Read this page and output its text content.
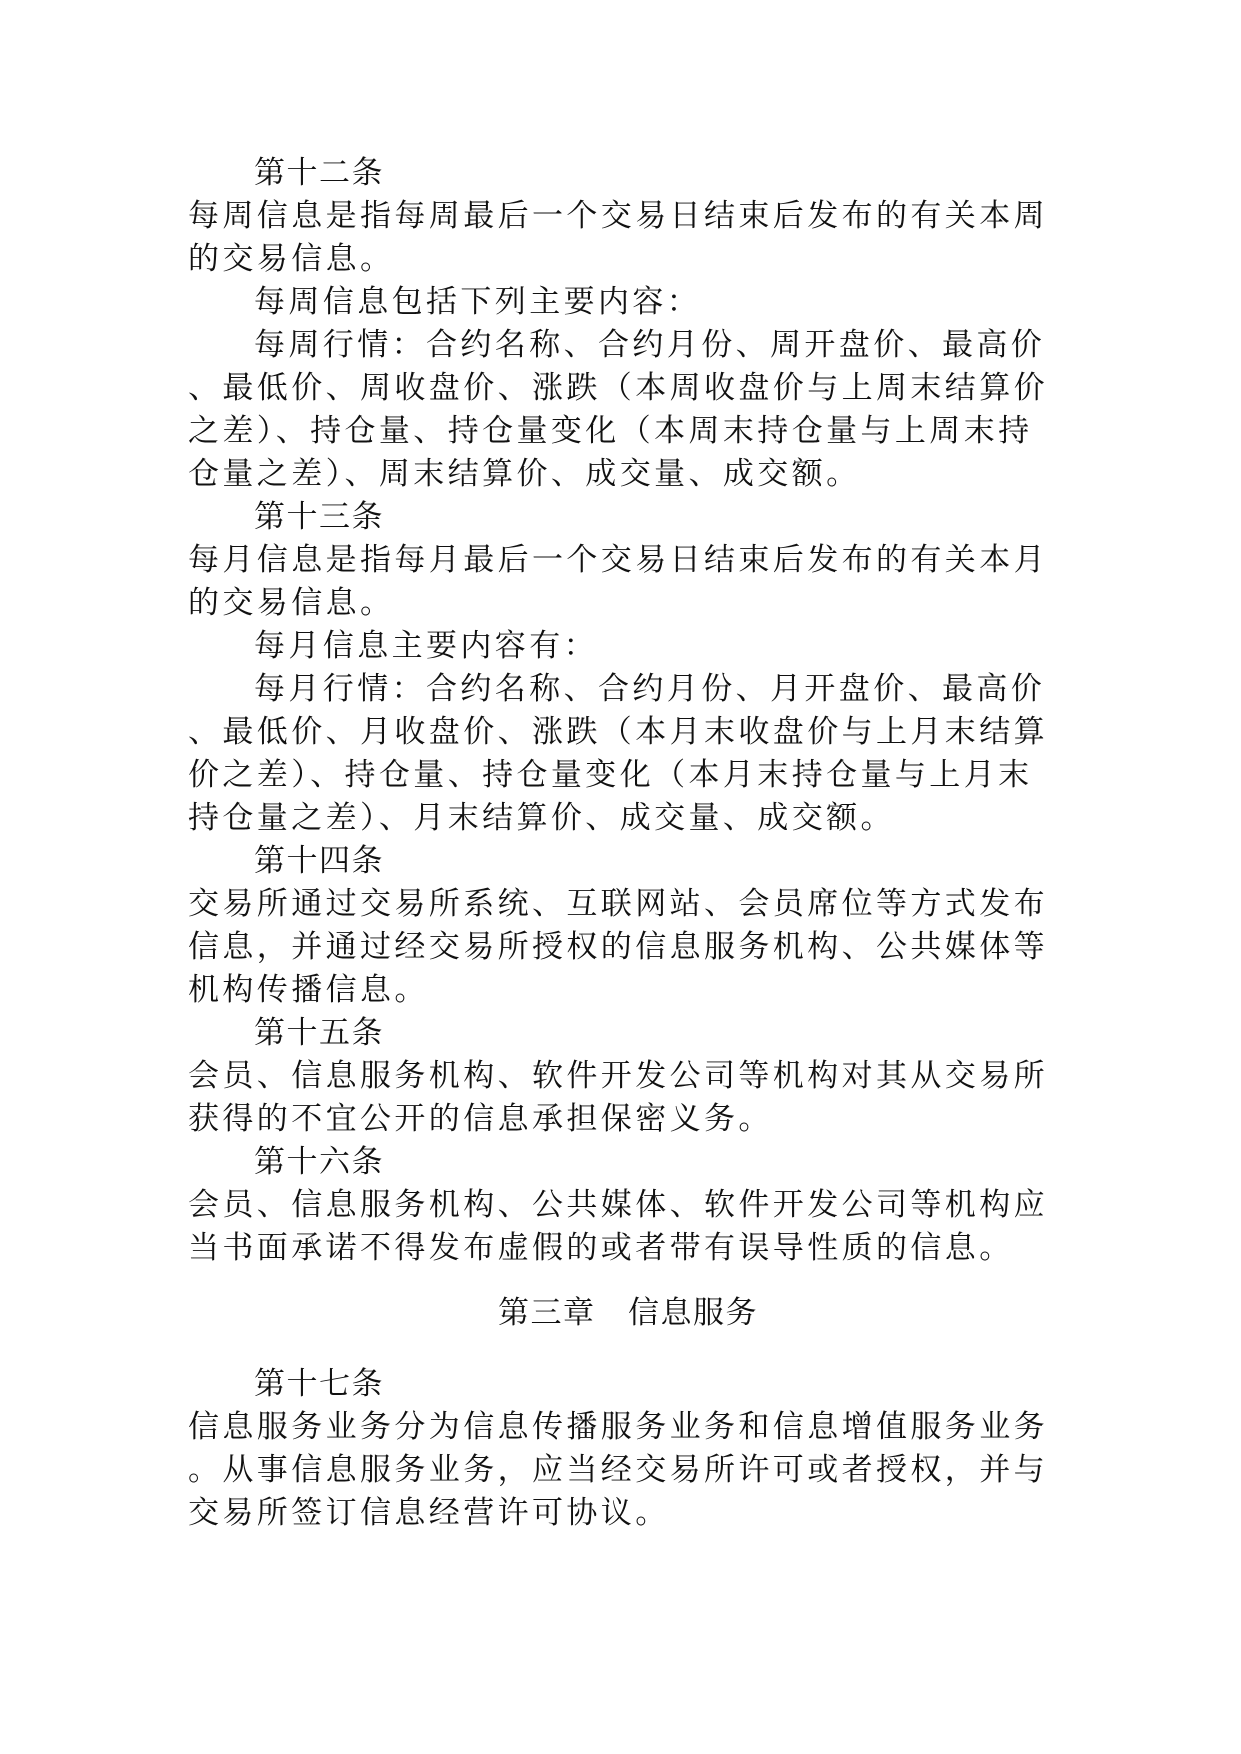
第十二条
每周信息是指每周最后一个交易日结束后发布的有关本周
的交易信息。
每周信息包括下列主要内容：
每周行情：合约名称、合约月份、周开盘价、最高价
、最低价、周收盘价、涨跌（本周收盘价与上周末结算价
之差）、持仓量、持仓量变化（本周末持仓量与上周末持
仓量之差）、周末结算价、成交量、成交额。
第十三条
每月信息是指每月最后一个交易日结束后发布的有关本月
的交易信息。
每月信息主要内容有：
每月行情：合约名称、合约月份、月开盘价、最高价
、最低价、月收盘价、涨跌（本月末收盘价与上月末结算
价之差）、持仓量、持仓量变化（本月末持仓量与上月末
持仓量之差）、月末结算价、成交量、成交额。
第十四条
交易所通过交易所系统、互联网站、会员席位等方式发布
信息，并通过经交易所授权的信息服务机构、公共媒体等
机构传播信息。
第十五条
会员、信息服务机构、软件开发公司等机构对其从交易所
获得的不宜公开的信息承担保密义务。
第十六条
会员、信息服务机构、公共媒体、软件开发公司等机构应
当书面承诺不得发布虚假的或者带有误导性质的信息。
第三章　信息服务
第十七条
信息服务业务分为信息传播服务业务和信息增值服务业务
。从事信息服务业务，应当经交易所许可或者授权，并与
交易所签订信息经营许可协议。
